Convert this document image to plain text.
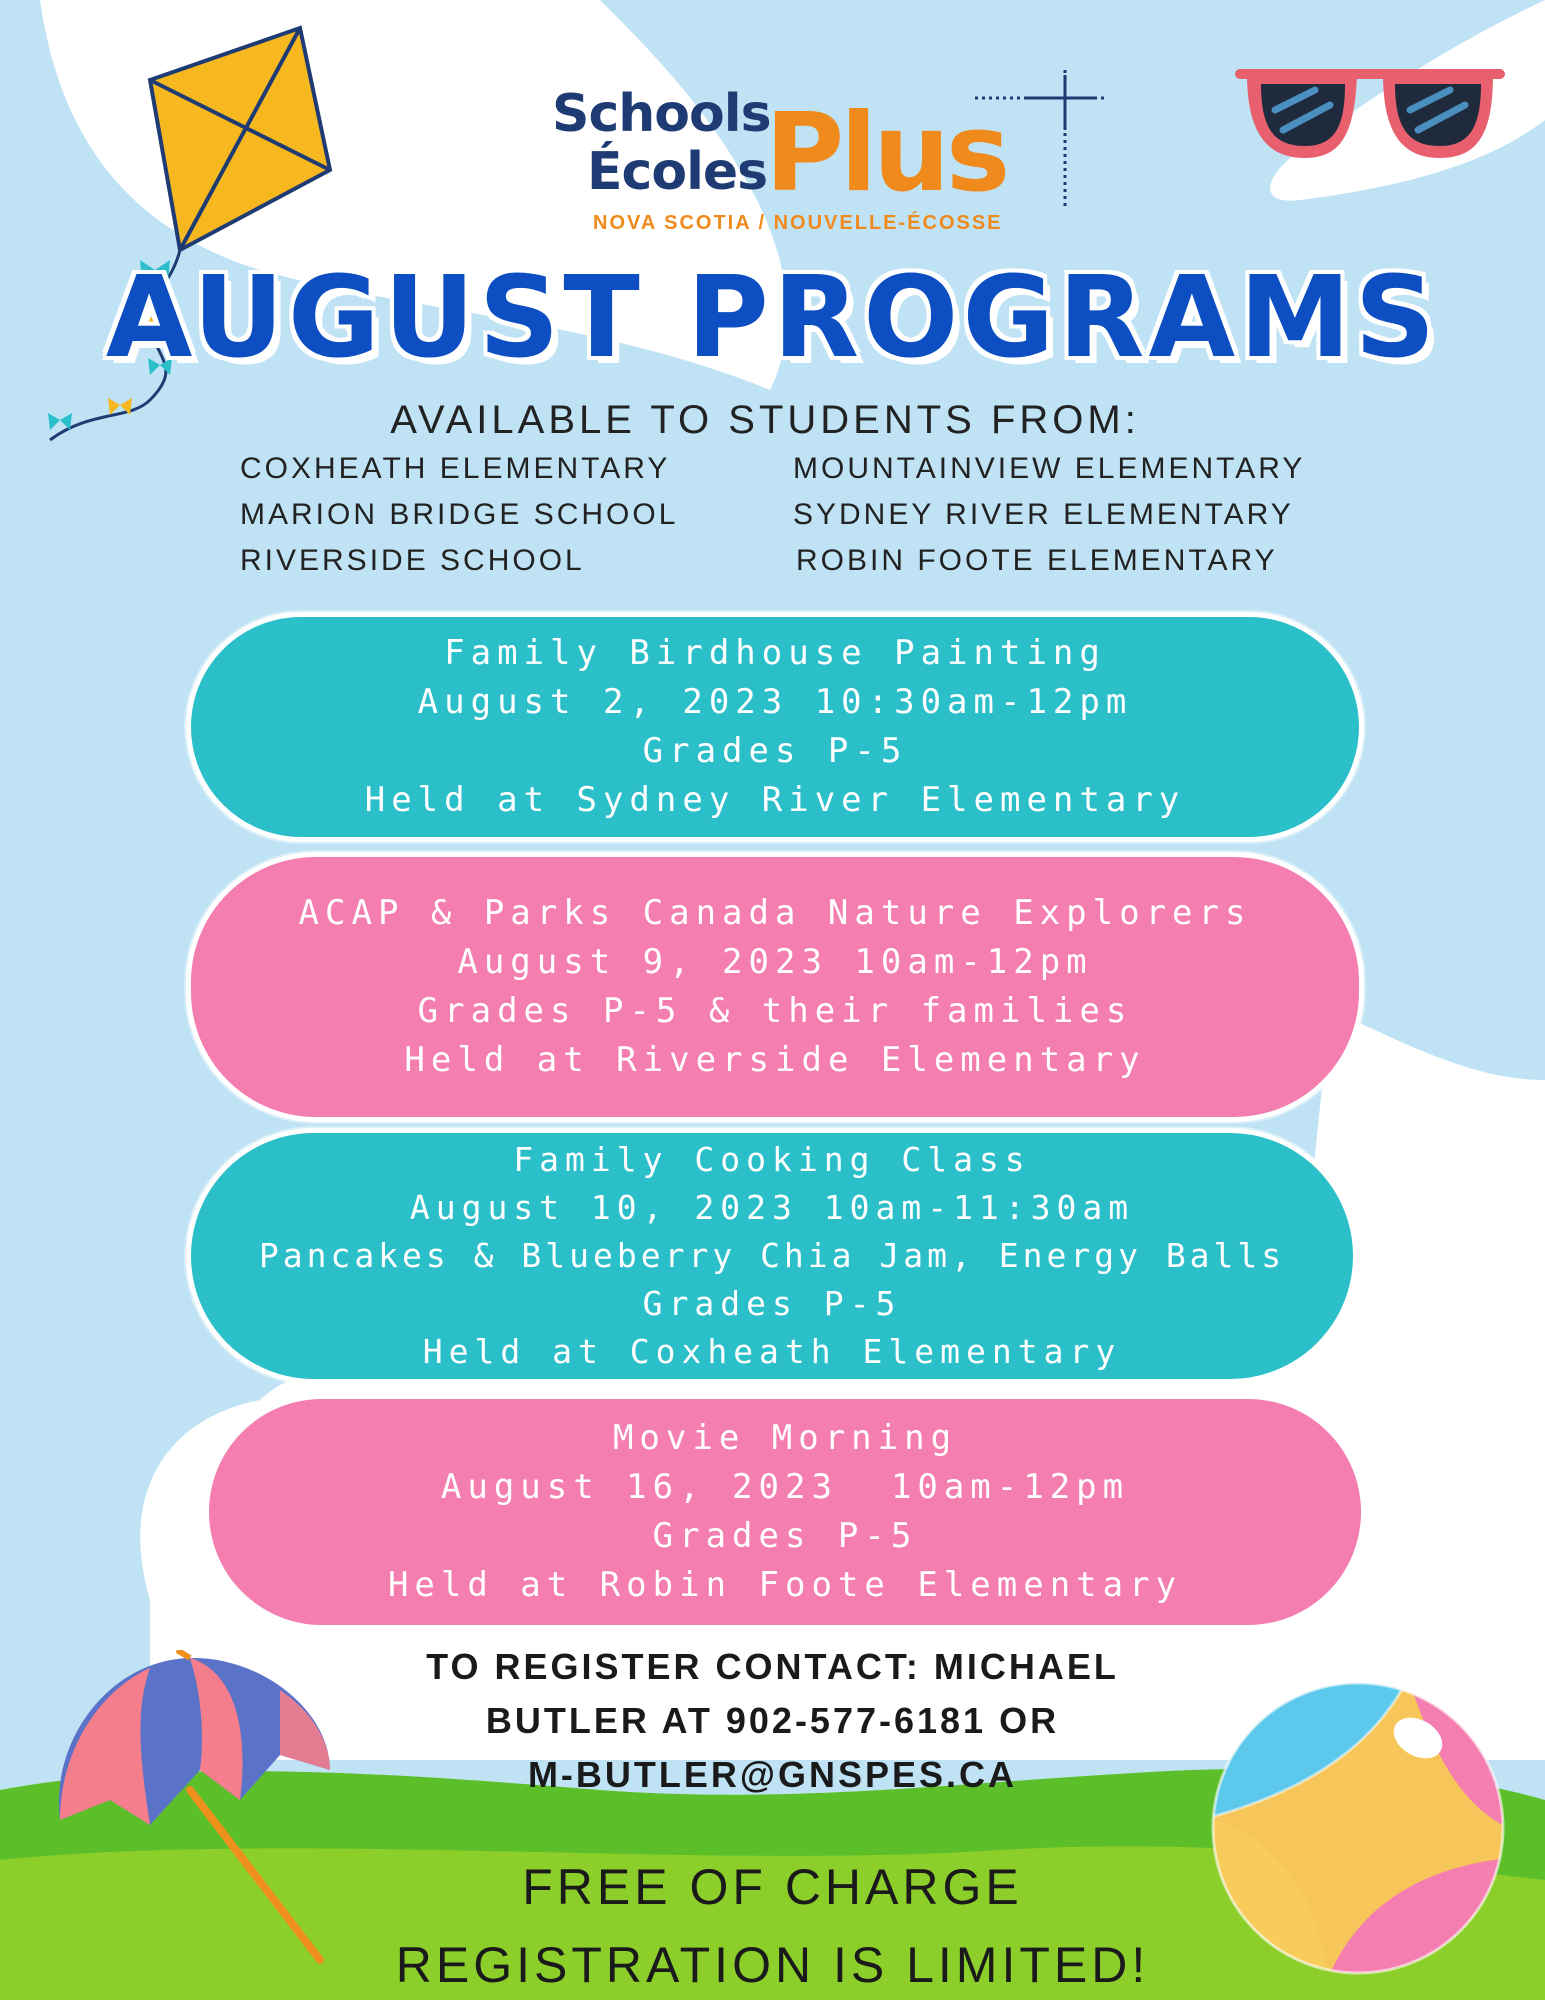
Schools
Écoles
Plus
NOVA SCOTIA / NOUVELLE-ÉCOSSE
AUGUST PROGRAMS
AVAILABLE TO STUDENTS FROM:
COXHEATH ELEMENTARY
MARION BRIDGE SCHOOL
RIVERSIDE SCHOOL
MOUNTAINVIEW ELEMENTARY
SYDNEY RIVER ELEMENTARY
ROBIN FOOTE ELEMENTARY
Family Birdhouse Painting
August 2, 2023 10:30am-12pm
Grades P-5
Held at Sydney River Elementary
ACAP & Parks Canada Nature Explorers
August 9, 2023 10am-12pm
Grades P-5 & their families
Held at Riverside Elementary
Family Cooking Class
August 10, 2023 10am-11:30am
Pancakes & Blueberry Chia Jam, Energy Balls
Grades P-5
Held at Coxheath Elementary
Movie Morning
August 16, 2023  10am-12pm
Grades P-5
Held at Robin Foote Elementary
TO REGISTER CONTACT: MICHAEL
BUTLER AT 902-577-6181 OR
M-BUTLER@GNSPES.CA
FREE OF CHARGE
REGISTRATION IS LIMITED!
